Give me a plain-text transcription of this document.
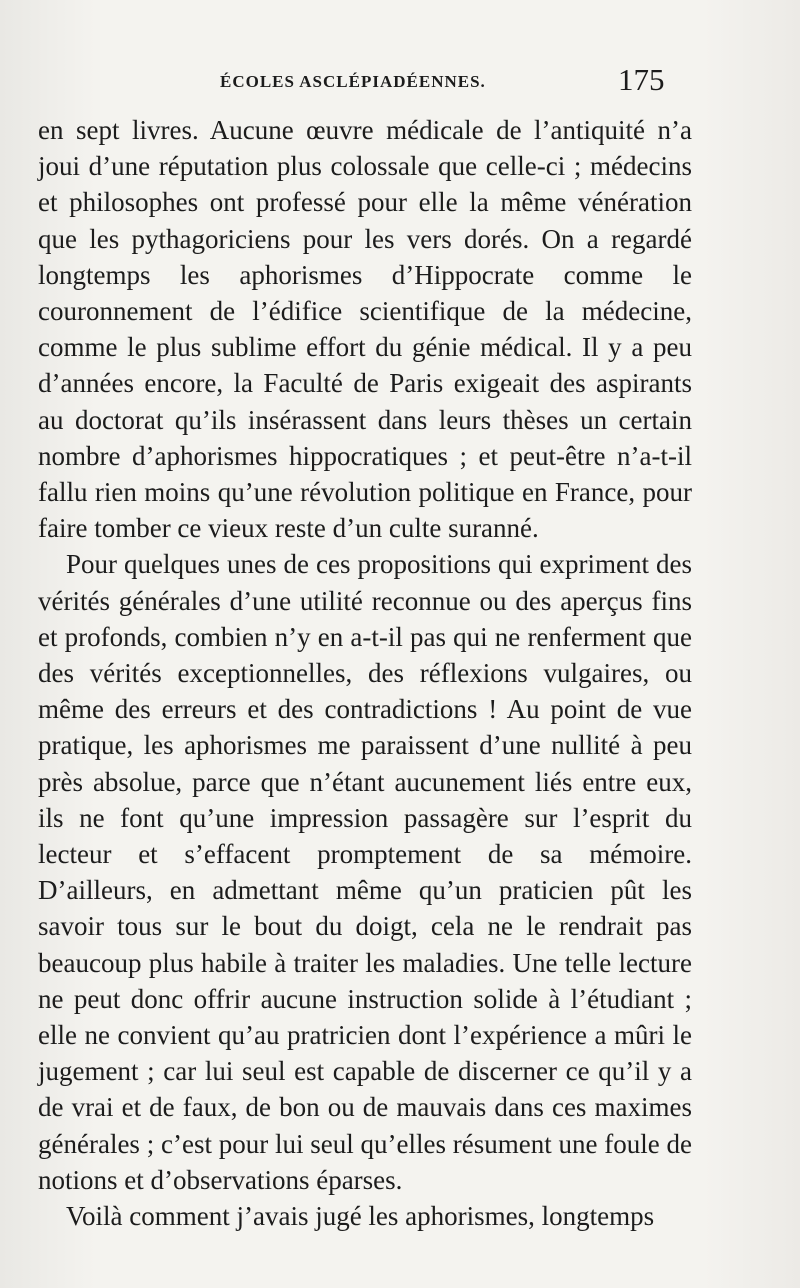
ÉCOLES ASCLÉPIADÉENNES.	175

en sept livres. Aucune œuvre médicale de l’antiquité n’a joui d’une réputation plus colossale que celle-ci ; médecins et philosophes ont professé pour elle la même vénération que les pythagoriciens pour les vers dorés. On a regardé longtemps les aphorismes d’Hippocrate comme le couronnement de l’édifice scientifique de la médecine, comme le plus sublime effort du génie médical. Il y a peu d’années encore, la Faculté de Paris exigeait des aspirants au doctorat qu’ils insérassent dans leurs thèses un certain nombre d’aphorismes hippocratiques ; et peut-être n’a-t-il fallu rien moins qu’une révolution politique en France, pour faire tomber ce vieux reste d’un culte suranné.

Pour quelques unes de ces propositions qui expriment des vérités générales d’une utilité reconnue ou des aperçus fins et profonds, combien n’y en a-t-il pas qui ne renferment que des vérités exceptionnelles, des réflexions vulgaires, ou même des erreurs et des contradictions ! Au point de vue pratique, les aphorismes me paraissent d’une nullité à peu près absolue, parce que n’étant aucunement liés entre eux, ils ne font qu’une impression passagère sur l’esprit du lecteur et s’effacent promptement de sa mémoire. D’ailleurs, en admettant même qu’un praticien pût les savoir tous sur le bout du doigt, cela ne le rendrait pas beaucoup plus habile à traiter les maladies. Une telle lecture ne peut donc offrir aucune instruction solide à l’étudiant ; elle ne convient qu’au pratricien dont l’expérience a mûri le jugement ; car lui seul est capable de discerner ce qu’il y a de vrai et de faux, de bon ou de mauvais dans ces maximes générales ; c’est pour lui seul qu’elles résument une foule de notions et d’observations éparses.

Voilà comment j’avais jugé les aphorismes, longtemps
